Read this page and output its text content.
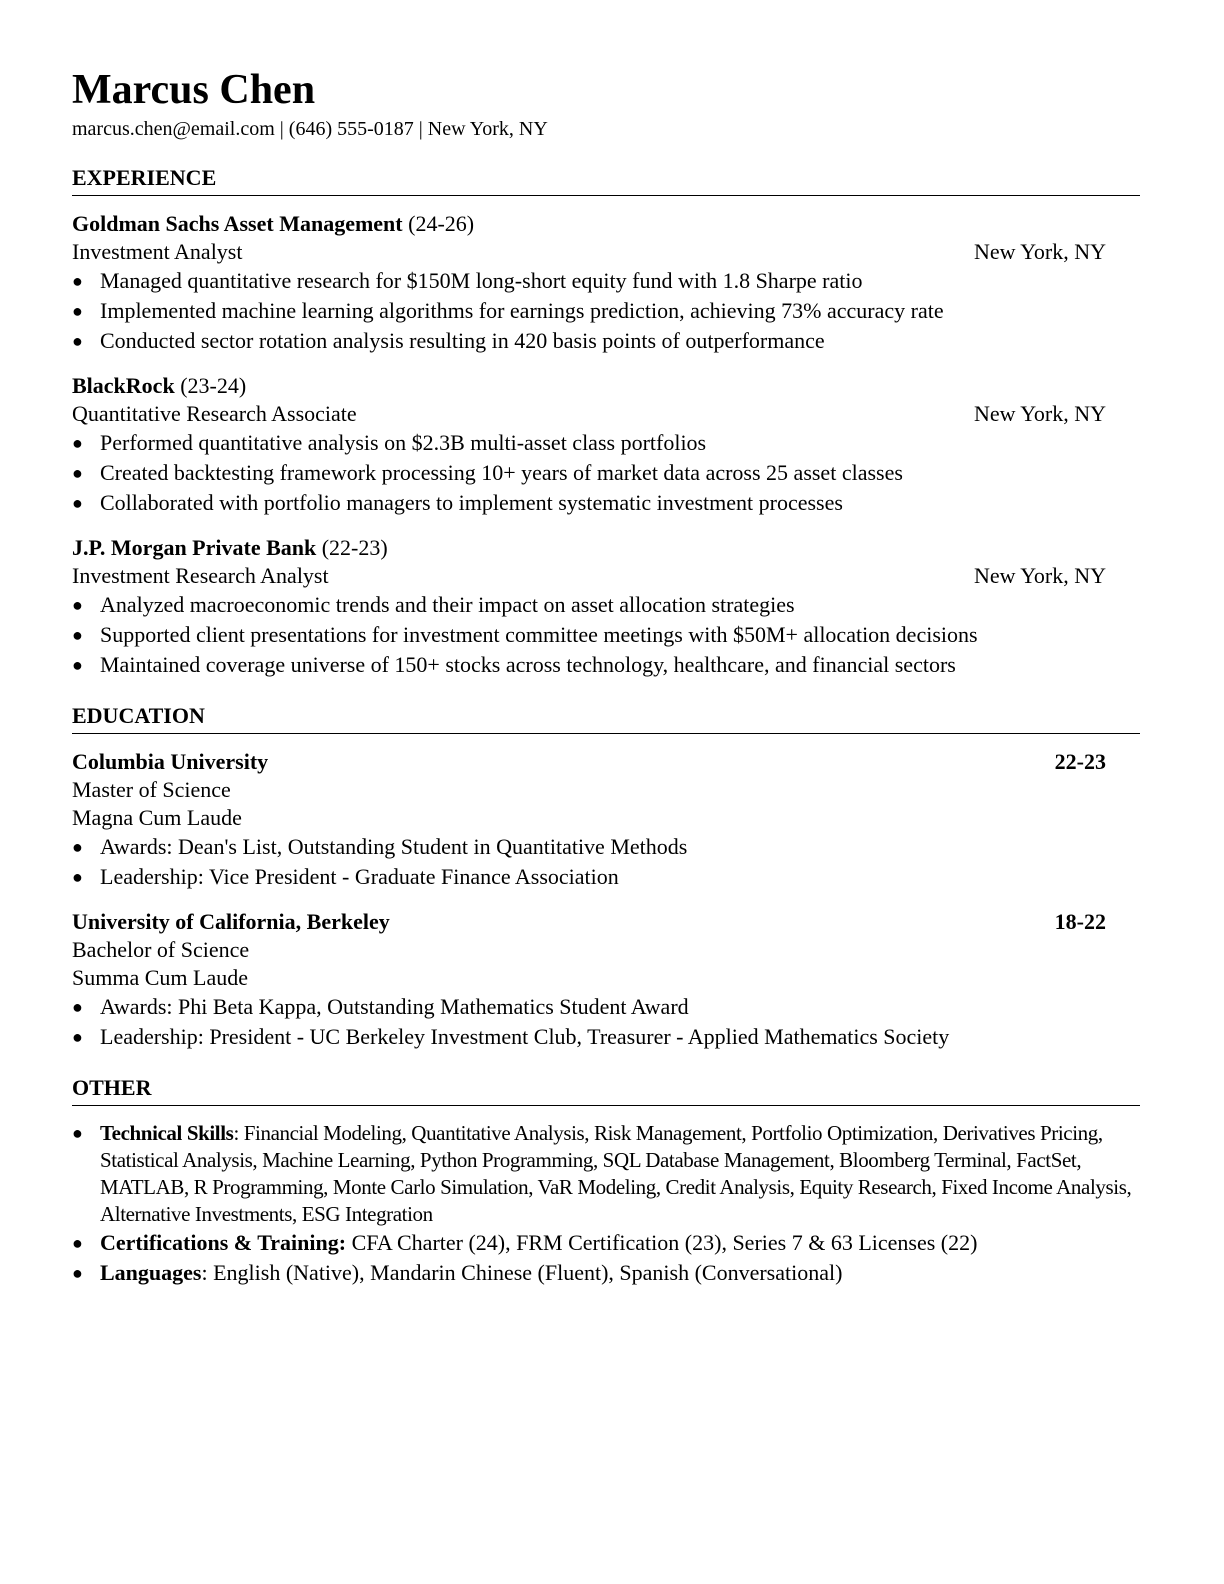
Marcus Chen
marcus.chen@email.com | (646) 555-0187 | New York, NY
EXPERIENCE
Goldman Sachs Asset Management (24-26)
Investment Analyst	New York, NY
● Managed quantitative research for $150M long-short equity fund with 1.8 Sharpe ratio
● Implemented machine learning algorithms for earnings prediction, achieving 73% accuracy rate
● Conducted sector rotation analysis resulting in 420 basis points of outperformance
BlackRock (23-24)
Quantitative Research Associate	New York, NY
● Performed quantitative analysis on $2.3B multi-asset class portfolios
● Created backtesting framework processing 10+ years of market data across 25 asset classes
● Collaborated with portfolio managers to implement systematic investment processes
J.P. Morgan Private Bank (22-23)
Investment Research Analyst	New York, NY
● Analyzed macroeconomic trends and their impact on asset allocation strategies
● Supported client presentations for investment committee meetings with $50M+ allocation decisions
● Maintained coverage universe of 150+ stocks across technology, healthcare, and financial sectors
EDUCATION
Columbia University	22-23
Master of Science
Magna Cum Laude
● Awards: Dean's List, Outstanding Student in Quantitative Methods
● Leadership: Vice President - Graduate Finance Association
University of California, Berkeley	18-22
Bachelor of Science
Summa Cum Laude
● Awards: Phi Beta Kappa, Outstanding Mathematics Student Award
● Leadership: President - UC Berkeley Investment Club, Treasurer - Applied Mathematics Society
OTHER
● Technical Skills: Financial Modeling, Quantitative Analysis, Risk Management, Portfolio Optimization, Derivatives Pricing, Statistical Analysis, Machine Learning, Python Programming, SQL Database Management, Bloomberg Terminal, FactSet, MATLAB, R Programming, Monte Carlo Simulation, VaR Modeling, Credit Analysis, Equity Research, Fixed Income Analysis, Alternative Investments, ESG Integration
● Certifications & Training: CFA Charter (24), FRM Certification (23), Series 7 & 63 Licenses (22)
● Languages: English (Native), Mandarin Chinese (Fluent), Spanish (Conversational)
